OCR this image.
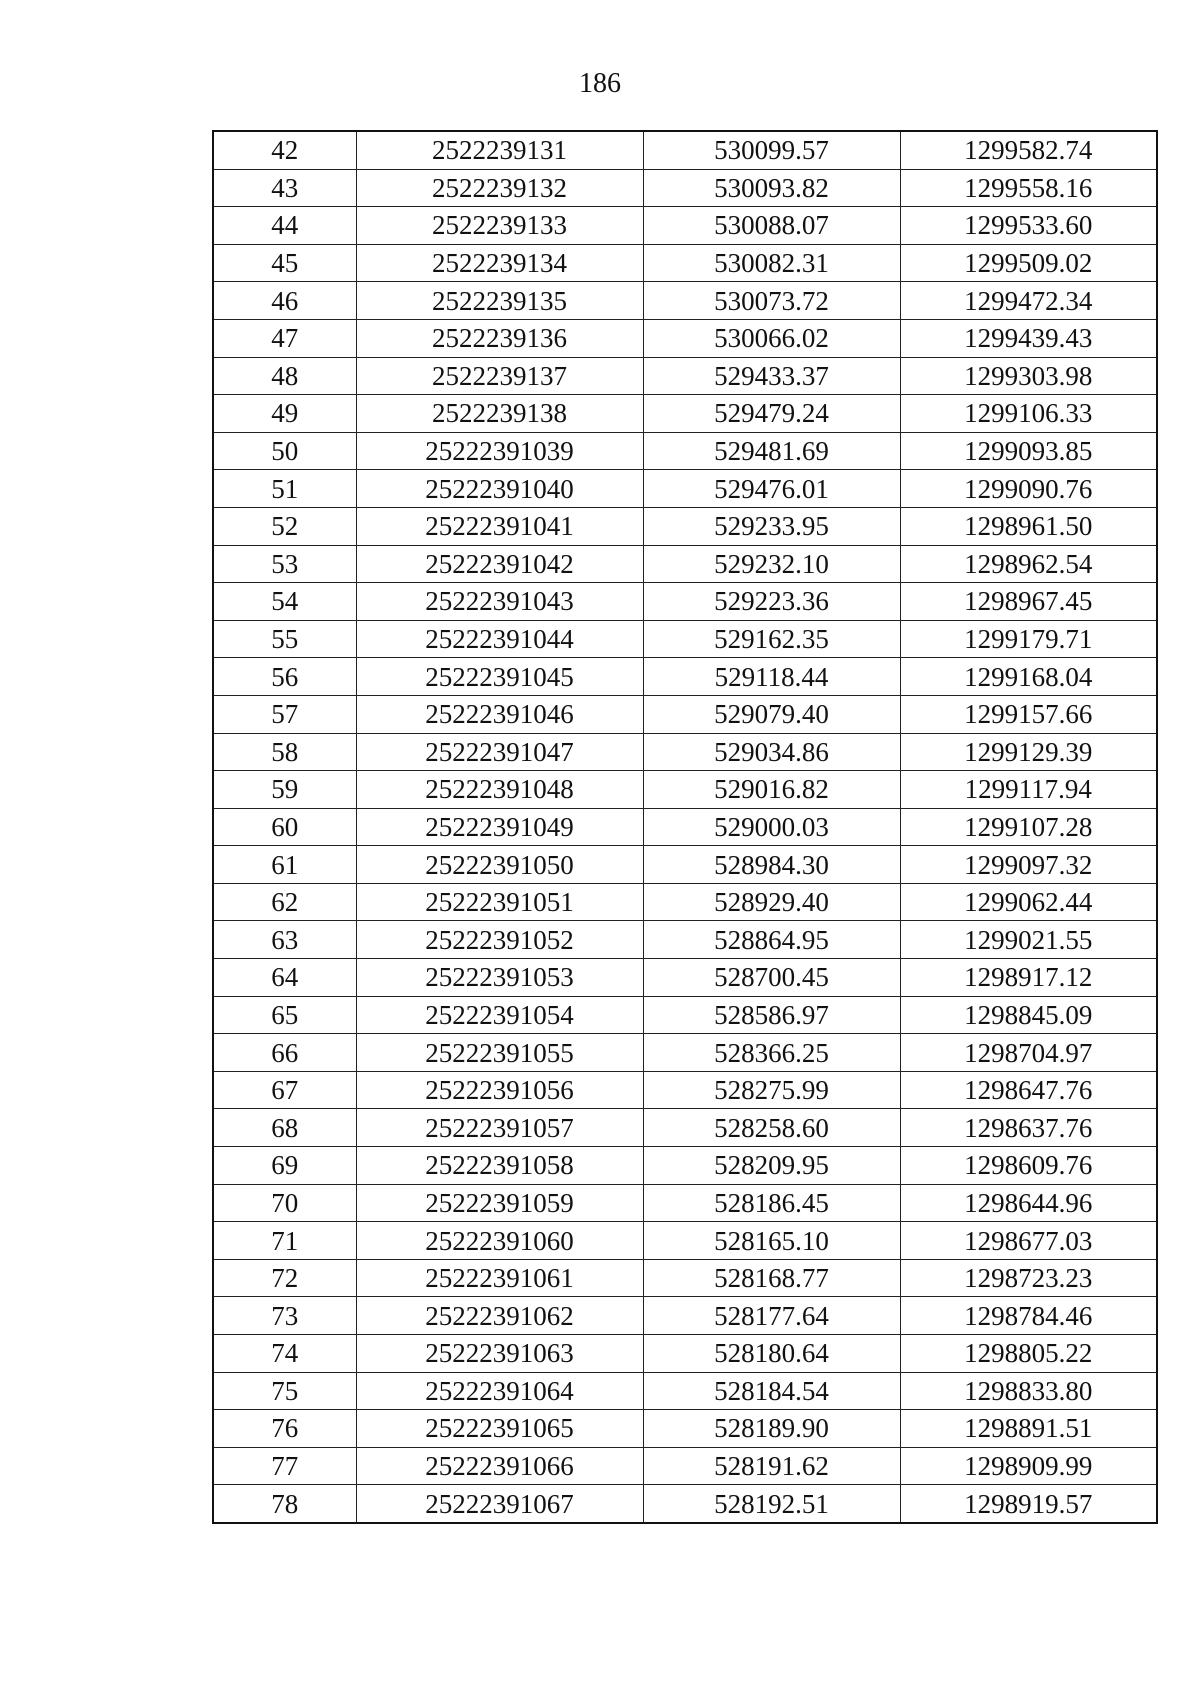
186
42	2522239131	530099.57	1299582.74
43	2522239132	530093.82	1299558.16
44	2522239133	530088.07	1299533.60
45	2522239134	530082.31	1299509.02
46	2522239135	530073.72	1299472.34
47	2522239136	530066.02	1299439.43
48	2522239137	529433.37	1299303.98
49	2522239138	529479.24	1299106.33
50	25222391039	529481.69	1299093.85
51	25222391040	529476.01	1299090.76
52	25222391041	529233.95	1298961.50
53	25222391042	529232.10	1298962.54
54	25222391043	529223.36	1298967.45
55	25222391044	529162.35	1299179.71
56	25222391045	529118.44	1299168.04
57	25222391046	529079.40	1299157.66
58	25222391047	529034.86	1299129.39
59	25222391048	529016.82	1299117.94
60	25222391049	529000.03	1299107.28
61	25222391050	528984.30	1299097.32
62	25222391051	528929.40	1299062.44
63	25222391052	528864.95	1299021.55
64	25222391053	528700.45	1298917.12
65	25222391054	528586.97	1298845.09
66	25222391055	528366.25	1298704.97
67	25222391056	528275.99	1298647.76
68	25222391057	528258.60	1298637.76
69	25222391058	528209.95	1298609.76
70	25222391059	528186.45	1298644.96
71	25222391060	528165.10	1298677.03
72	25222391061	528168.77	1298723.23
73	25222391062	528177.64	1298784.46
74	25222391063	528180.64	1298805.22
75	25222391064	528184.54	1298833.80
76	25222391065	528189.90	1298891.51
77	25222391066	528191.62	1298909.99
78	25222391067	528192.51	1298919.57
